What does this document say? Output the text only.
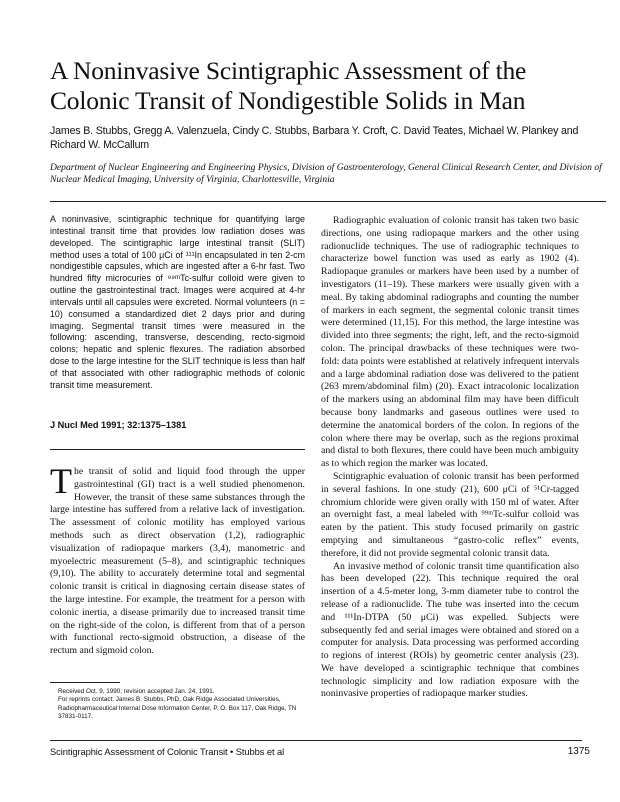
A Noninvasive Scintigraphic Assessment of the Colonic Transit of Nondigestible Solids in Man
James B. Stubbs, Gregg A. Valenzuela, Cindy C. Stubbs, Barbara Y. Croft, C. David Teates, Michael W. Plankey and Richard W. McCallum
Department of Nuclear Engineering and Engineering Physics, Division of Gastroenterology, General Clinical Research Center, and Division of Nuclear Medical Imaging, University of Virginia, Charlottesville, Virginia

A noninvasive, scintigraphic technique for quantifying large intestinal transit time that provides low radiation doses was developed. The scintigraphic large intestinal transit (SLIT) method uses a total of 100 μCi of ¹¹¹In encapsulated in ten 2-cm nondigestible capsules, which are ingested after a 6-hr fast. Two hundred fifty microcuries of ⁹⁹ᵐTc-sulfur colloid were given to outline the gastrointestinal tract. Images were acquired at 4-hr intervals until all capsules were excreted. Normal volunteers (n = 10) consumed a standardized diet 2 days prior and during imaging. Segmental transit times were measured in the following: ascending, transverse, descending, recto-sigmoid colons; hepatic and splenic flexures. The radiation absorbed dose to the large intestine for the SLIT technique is less than half of that associated with other radiographic methods of colonic transit time measurement.

J Nucl Med 1991; 32:1375–1381

The transit of solid and liquid food through the upper gastrointestinal (GI) tract is a well studied phenomenon. However, the transit of these same substances through the large intestine has suffered from a relative lack of investigation. The assessment of colonic motility has employed various methods such as direct observation (1,2), radiographic visualization of radiopaque markers (3,4), manometric and myoelectric measurement (5–8), and scintigraphic techniques (9,10). The ability to accurately determine total and segmental colonic transit is critical in diagnosing certain disease states of the large intestine. For example, the treatment for a person with colonic inertia, a disease primarily due to increased transit time on the right-side of the colon, is different from that of a person with functional recto-sigmoid obstruction, a disease of the rectum and sigmoid colon.

Radiographic evaluation of colonic transit has taken two basic directions, one using radiopaque markers and the other using radionuclide techniques. The use of radiographic techniques to characterize bowel function was used as early as 1902 (4). Radiopaque granules or markers have been used by a number of investigators (11–19). These markers were usually given with a meal. By taking abdominal radiographs and counting the number of markers in each segment, the segmental colonic transit times were determined (11,15). For this method, the large intestine was divided into three segments; the right, left, and the recto-sigmoid colon. The principal drawbacks of these techniques were two-fold: data points were established at relatively infrequent intervals and a large abdominal radiation dose was delivered to the patient (263 mrem/abdominal film) (20). Exact intracolonic localization of the markers using an abdominal film may have been difficult because bony landmarks and gaseous outlines were used to determine the anatomical borders of the colon. In regions of the colon where there may be overlap, such as the regions proximal and distal to both flexures, there could have been much ambiguity as to which region the marker was located.

Scintigraphic evaluation of colonic transit has been performed in several fashions. In one study (21), 600 μCi of ⁵¹Cr-tagged chromium chloride were given orally with 150 ml of water. After an overnight fast, a meal labeled with ⁹⁹ᵐTc-sulfur colloid was eaten by the patient. This study focused primarily on gastric emptying and simultaneous “gastro-colic reflex” events, therefore, it did not provide segmental colonic transit data.

An invasive method of colonic transit time quantification also has been developed (22). This technique required the oral insertion of a 4.5-meter long, 3-mm diameter tube to control the release of a radionuclide. The tube was inserted into the cecum and ¹¹¹In-DTPA (50 μCi) was expelled. Subjects were subsequently fed and serial images were obtained and stored on a computer for analysis. Data processing was performed according to regions of interest (ROIs) by geometric center analysis (23). We have developed a scintigraphic technique that combines technologic simplicity and low radiation exposure with the noninvasive properties of radiopaque marker studies.

Received Oct. 9, 1990; revision accepted Jan. 24, 1991.

For reprints contact: James B. Stubbs, PhD, Oak Ridge Associated Universities, Radiopharmaceutical Internal Dose Information Center, P. O. Box 117, Oak Ridge, TN 37831-0117.

Scintigraphic Assessment of Colonic Transit • Stubbs et al	1375
